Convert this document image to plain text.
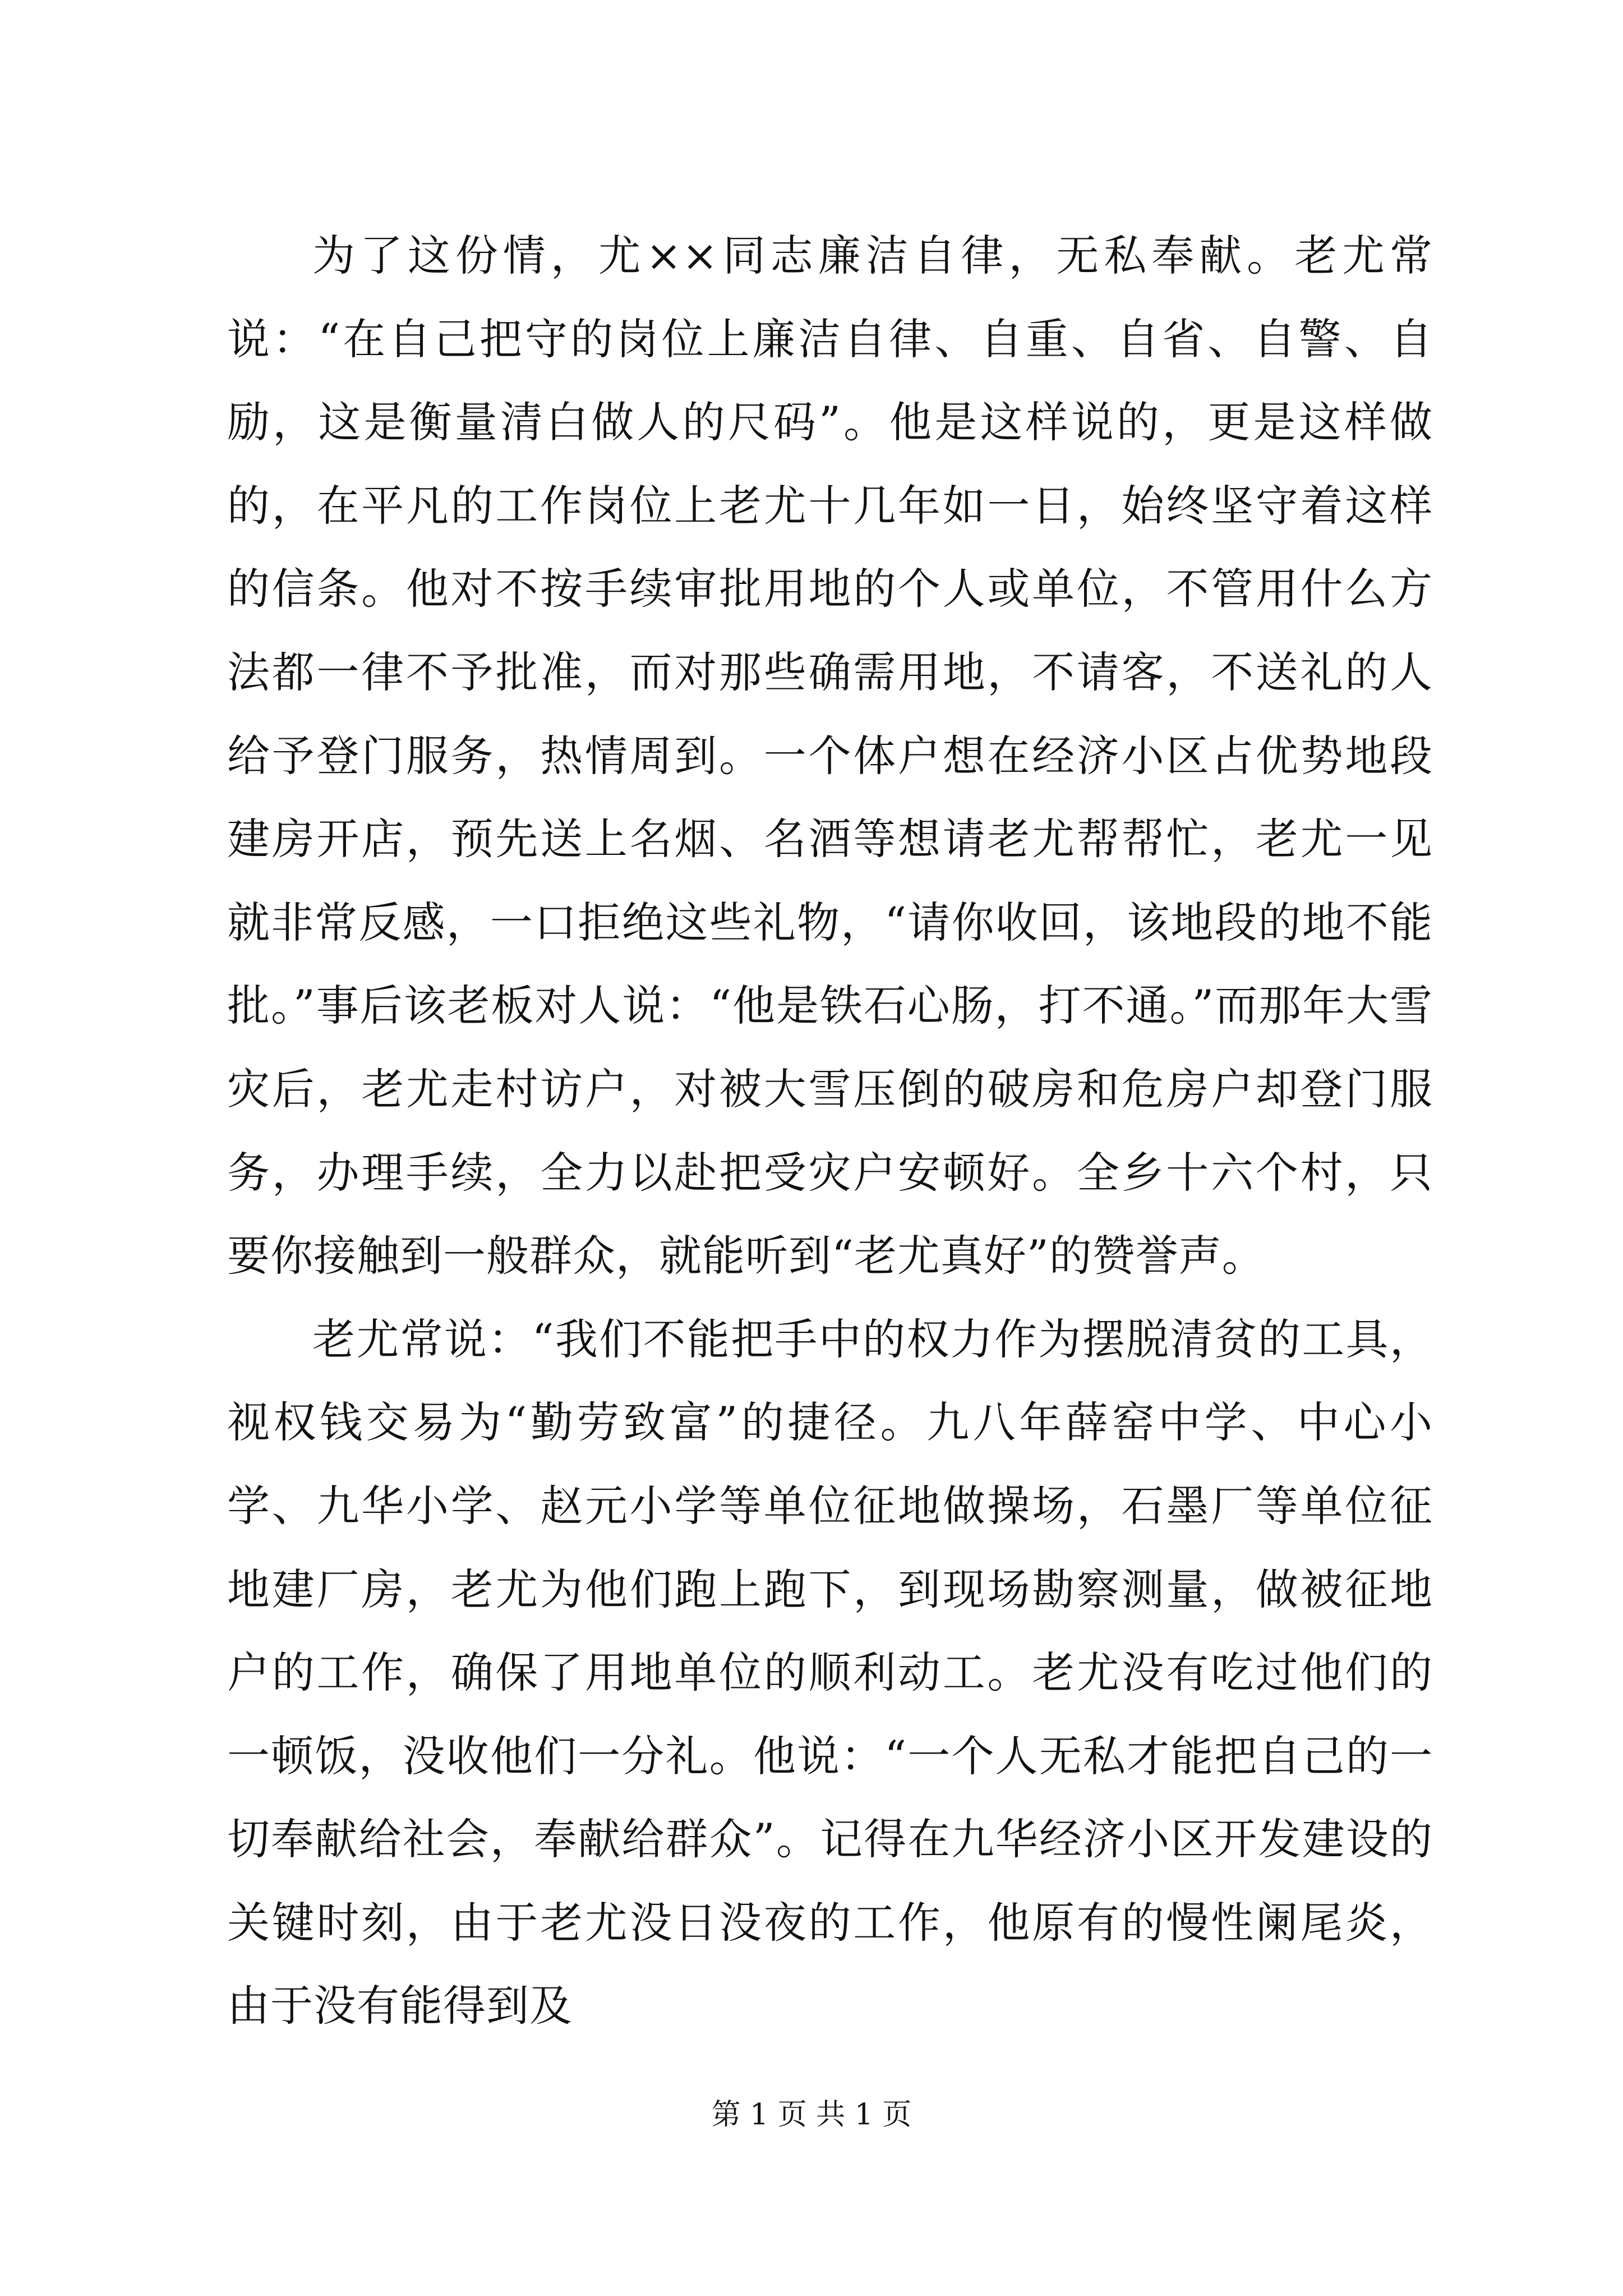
为了这份情，尤××同志廉洁自律，无私奉献。老尤常说：“在自己把守的岗位上廉洁自律、自重、自省、自警、自励，这是衡量清白做人的尺码”。他是这样说的，更是这样做的，在平凡的工作岗位上老尤十几年如一日，始终坚守着这样的信条。他对不按手续审批用地的个人或单位，不管用什么方法都一律不予批准，而对那些确需用地，不请客，不送礼的人给予登门服务，热情周到。一个体户想在经济小区占优势地段建房开店，预先送上名烟、名酒等想请老尤帮帮忙，老尤一见就非常反感，一口拒绝这些礼物，“请你收回，该地段的地不能批。”事后该老板对人说：“他是铁石心肠，打不通。”而那年大雪灾后，老尤走村访户，对被大雪压倒的破房和危房户却登门服务，办理手续，全力以赴把受灾户安顿好。全乡十六个村，只要你接触到一般群众，就能听到“老尤真好”的赞誉声。

老尤常说：“我们不能把手中的权力作为摆脱清贫的工具，视权钱交易为“勤劳致富”的捷径。九八年薛窑中学、中心小学、九华小学、赵元小学等单位征地做操场，石墨厂等单位征地建厂房，老尤为他们跑上跑下，到现场勘察测量，做被征地户的工作，确保了用地单位的顺利动工。老尤没有吃过他们的一顿饭，没收他们一分礼。他说：“一个人无私才能把自己的一切奉献给社会，奉献给群众”。记得在九华经济小区开发建设的关键时刻，由于老尤没日没夜的工作，他原有的慢性阑尾炎，由于没有能得到及

第 1 页 共 1 页
